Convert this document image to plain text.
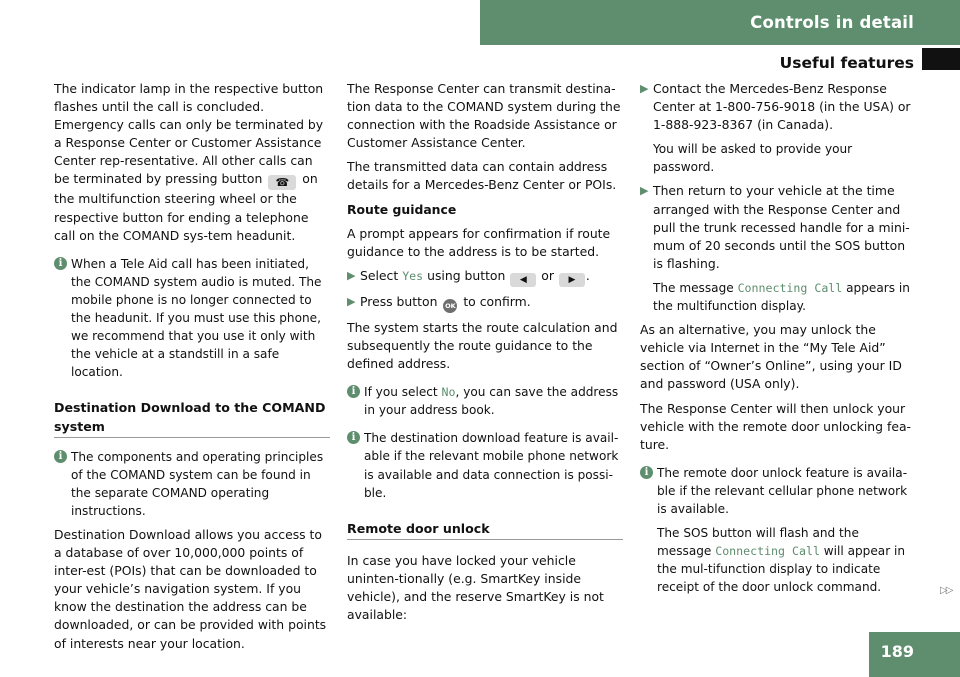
Controls in detail
Useful features

The indicator lamp in the respective button flashes until the call is concluded. Emergency calls can only be terminated by a Response Center or Customer Assistance Center rep-resentative. All other calls can be terminated by pressing button ☎ on the multifunction steering wheel or the respective button for ending a telephone call on the COMAND sys-tem headunit.

i When a Tele Aid call has been initiated, the COMAND system audio is muted. The mobile phone is no longer connected to the headunit. If you must use this phone, we recommend that you use it only with the vehicle at a standstill in a safe location.
Destination Download to the COMAND system
i The components and operating principles of the COMAND system can be found in the separate COMAND operating instructions.

Destination Download allows you access to a database of over 10,000,000 points of inter-est (POIs) that can be downloaded to your vehicle’s navigation system. If you know the destination the address can be downloaded, or can be provided with points of interests near your location.

The Response Center can transmit destina-tion data to the COMAND system during the connection with the Roadside Assistance or Customer Assistance Center.

The transmitted data can contain address details for a Mercedes-Benz Center or POIs.

Route guidance

A prompt appears for confirmation if route guidance to the address is to be started.

▶ Select Yes using button ◀ or ▶ .
▶ Press button OK to confirm.

The system starts the route calculation and subsequently the route guidance to the defined address.

i If you select No, you can save the address in your address book.
i The destination download feature is avail-able if the relevant mobile phone network is available and data connection is possi-ble.
Remote door unlock

In case you have locked your vehicle uninten-tionally (e.g. SmartKey inside vehicle), and the reserve SmartKey is not available:

▶ Contact the Mercedes-Benz Response Center at 1-800-756-9018 (in the USA) or 1-888-923-8367 (in Canada).
You will be asked to provide your password.
▶ Then return to your vehicle at the time arranged with the Response Center and pull the trunk recessed handle for a mini-mum of 20 seconds until the SOS button is flashing.
The message Connecting Call appears in the multifunction display.

As an alternative, you may unlock the vehicle via Internet in the “My Tele Aid” section of “Owner’s Online”, using your ID and password (USA only).

The Response Center will then unlock your vehicle with the remote door unlocking fea-ture.

i The remote door unlock feature is availa-ble if the relevant cellular phone network is available.
The SOS button will flash and the message Connecting Call will appear in the mul-tifunction display to indicate receipt of the door unlock command.	▷▷
189
